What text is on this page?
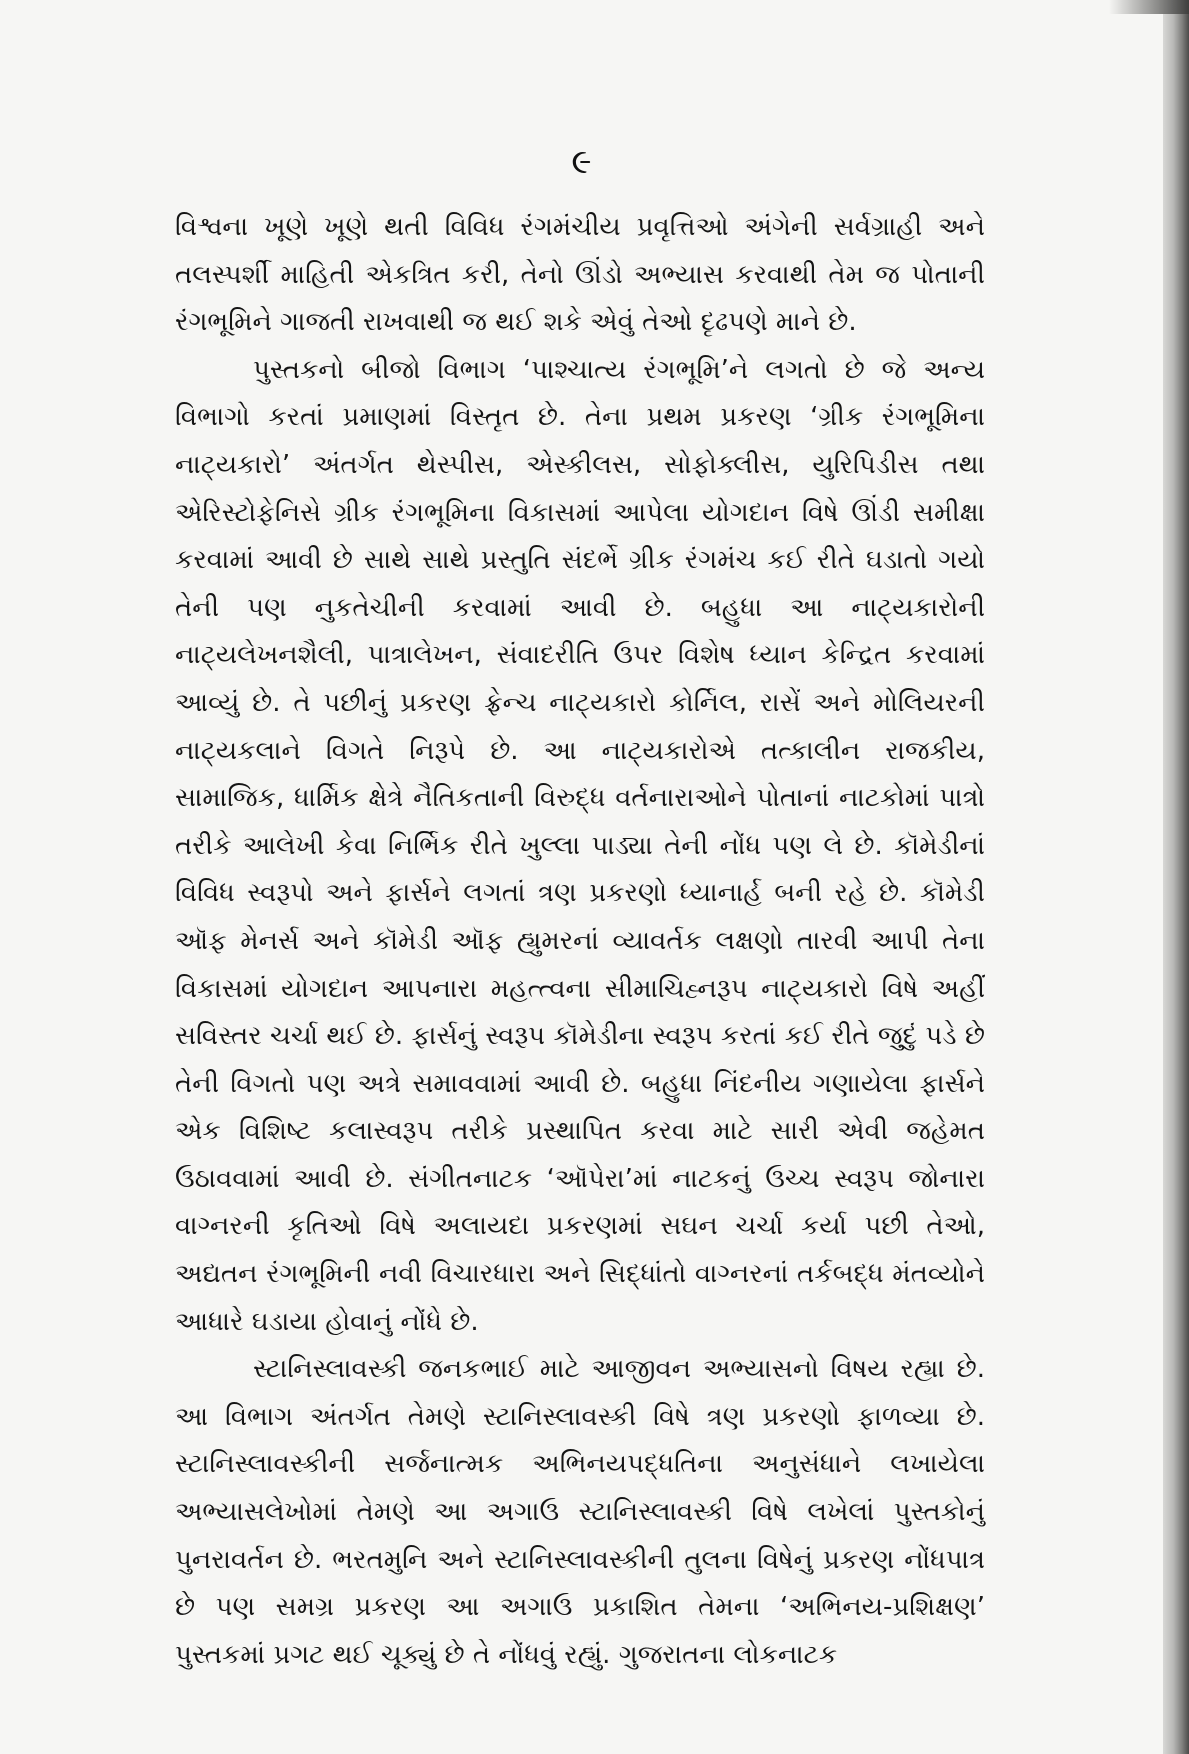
૯

વિશ્વના ખૂણે ખૂણે થતી વિવિધ રંગમંચીય પ્રવૃત્તિઓ અંગેની સર્વગ્રાહી અને તલસ્પર્શી માહિતી એકત્રિત કરી, તેનો ઊંડો અભ્યાસ કરવાથી તેમ જ પોતાની રંગભૂમિને ગાજતી રાખવાથી જ થઈ શકે એવું તેઓ દૃઢપણે માને છે.

પુસ્તકનો બીજો વિભાગ ‘પાશ્ચાત્ય રંગભૂમિ’ને લગતો છે જે અન્ય વિભાગો કરતાં પ્રમાણમાં વિસ્તૃત છે. તેના પ્રથમ પ્રકરણ ‘ગ્રીક રંગભૂમિના નાટ્યકારો’ અંતર્ગત થેસ્પીસ, એસ્કીલસ, સોફોક્લીસ, યુરિપિડીસ તથા એરિસ્ટોફેનિસે ગ્રીક રંગભૂમિના વિકાસમાં આપેલા યોગદાન વિષે ઊંડી સમીક્ષા કરવામાં આવી છે સાથે સાથે પ્રસ્તુતિ સંદર્ભે ગ્રીક રંગમંચ કઈ રીતે ઘડાતો ગયો તેની પણ નુકતેચીની કરવામાં આવી છે. બહુધા આ નાટ્યકારોની નાટ્યલેખનશૈલી, પાત્રાલેખન, સંવાદરીતિ ઉપર વિશેષ ધ્યાન કેન્દ્રિત કરવામાં આવ્યું છે. તે પછીનું પ્રકરણ ફ્રેન્ચ નાટ્યકારો કોર્નિલ, રાસેં અને મોલિયરની નાટ્યકલાને વિગતે નિરૂપે છે. આ નાટ્યકારોએ તત્કાલીન રાજકીય, સામાજિક, ધાર્મિક ક્ષેત્રે નૈતિકતાની વિરુદ્ધ વર્તનારાઓને પોતાનાં નાટકોમાં પાત્રો તરીકે આલેખી કેવા નિર્ભિક રીતે ખુલ્લા પાડ્યા તેની નોંધ પણ લે છે. કૉમેડીનાં વિવિધ સ્વરૂપો અને ફાર્સને લગતાં ત્રણ પ્રકરણો ધ્યાનાર્હ બની રહે છે. કૉમેડી ઑફ મેનર્સ અને કૉમેડી ઑફ હ્યુમરનાં વ્યાવર્તક લક્ષણો તારવી આપી તેના વિકાસમાં યોગદાન આપનારા મહત્ત્વના સીમાચિહ્નરૂપ નાટ્યકારો વિષે અહીં સવિસ્તર ચર્ચા થઈ છે. ફાર્સનું સ્વરૂપ કૉમેડીના સ્વરૂપ કરતાં કઈ રીતે જુદું પડે છે તેની વિગતો પણ અત્રે સમાવવામાં આવી છે. બહુધા નિંદનીય ગણાયેલા ફાર્સને એક વિશિષ્ટ કલાસ્વરૂપ તરીકે પ્રસ્થાપિત કરવા માટે સારી એવી જહેમત ઉઠાવવામાં આવી છે. સંગીતનાટક ‘ઑપેરા’માં નાટકનું ઉચ્ચ સ્વરૂપ જોનારા વાગ્નરની કૃતિઓ વિષે અલાયદા પ્રકરણમાં સઘન ચર્ચા કર્યા પછી તેઓ, અદ્યતન રંગભૂમિની નવી વિચારધારા અને સિદ્ધાંતો વાગ્નરનાં તર્કબદ્ધ મંતવ્યોને આધારે ઘડાયા હોવાનું નોંધે છે.

સ્ટાનિસ્લાવસ્કી જનકભાઈ માટે આજીવન અભ્યાસનો વિષય રહ્યા છે. આ વિભાગ અંતર્ગત તેમણે સ્ટાનિસ્લાવસ્કી વિષે ત્રણ પ્રકરણો ફાળવ્યા છે. સ્ટાનિસ્લાવસ્કીની સર્જનાત્મક અભિનયપદ્ધતિના અનુસંધાને લખાયેલા અભ્યાસલેખોમાં તેમણે આ અગાઉ સ્ટાનિસ્લાવસ્કી વિષે લખેલાં પુસ્તકોનું પુનરાવર્તન છે. ભરતમુનિ અને સ્ટાનિસ્લાવસ્કીની તુલના વિષેનું પ્રકરણ નોંધપાત્ર છે પણ સમગ્ર પ્રકરણ આ અગાઉ પ્રકાશિત તેમના ‘અભિનય-પ્રશિક્ષણ’ પુસ્તકમાં પ્રગટ થઈ ચૂક્યું છે તે નોંધવું રહ્યું. ગુજરાતના લોકનાટક
